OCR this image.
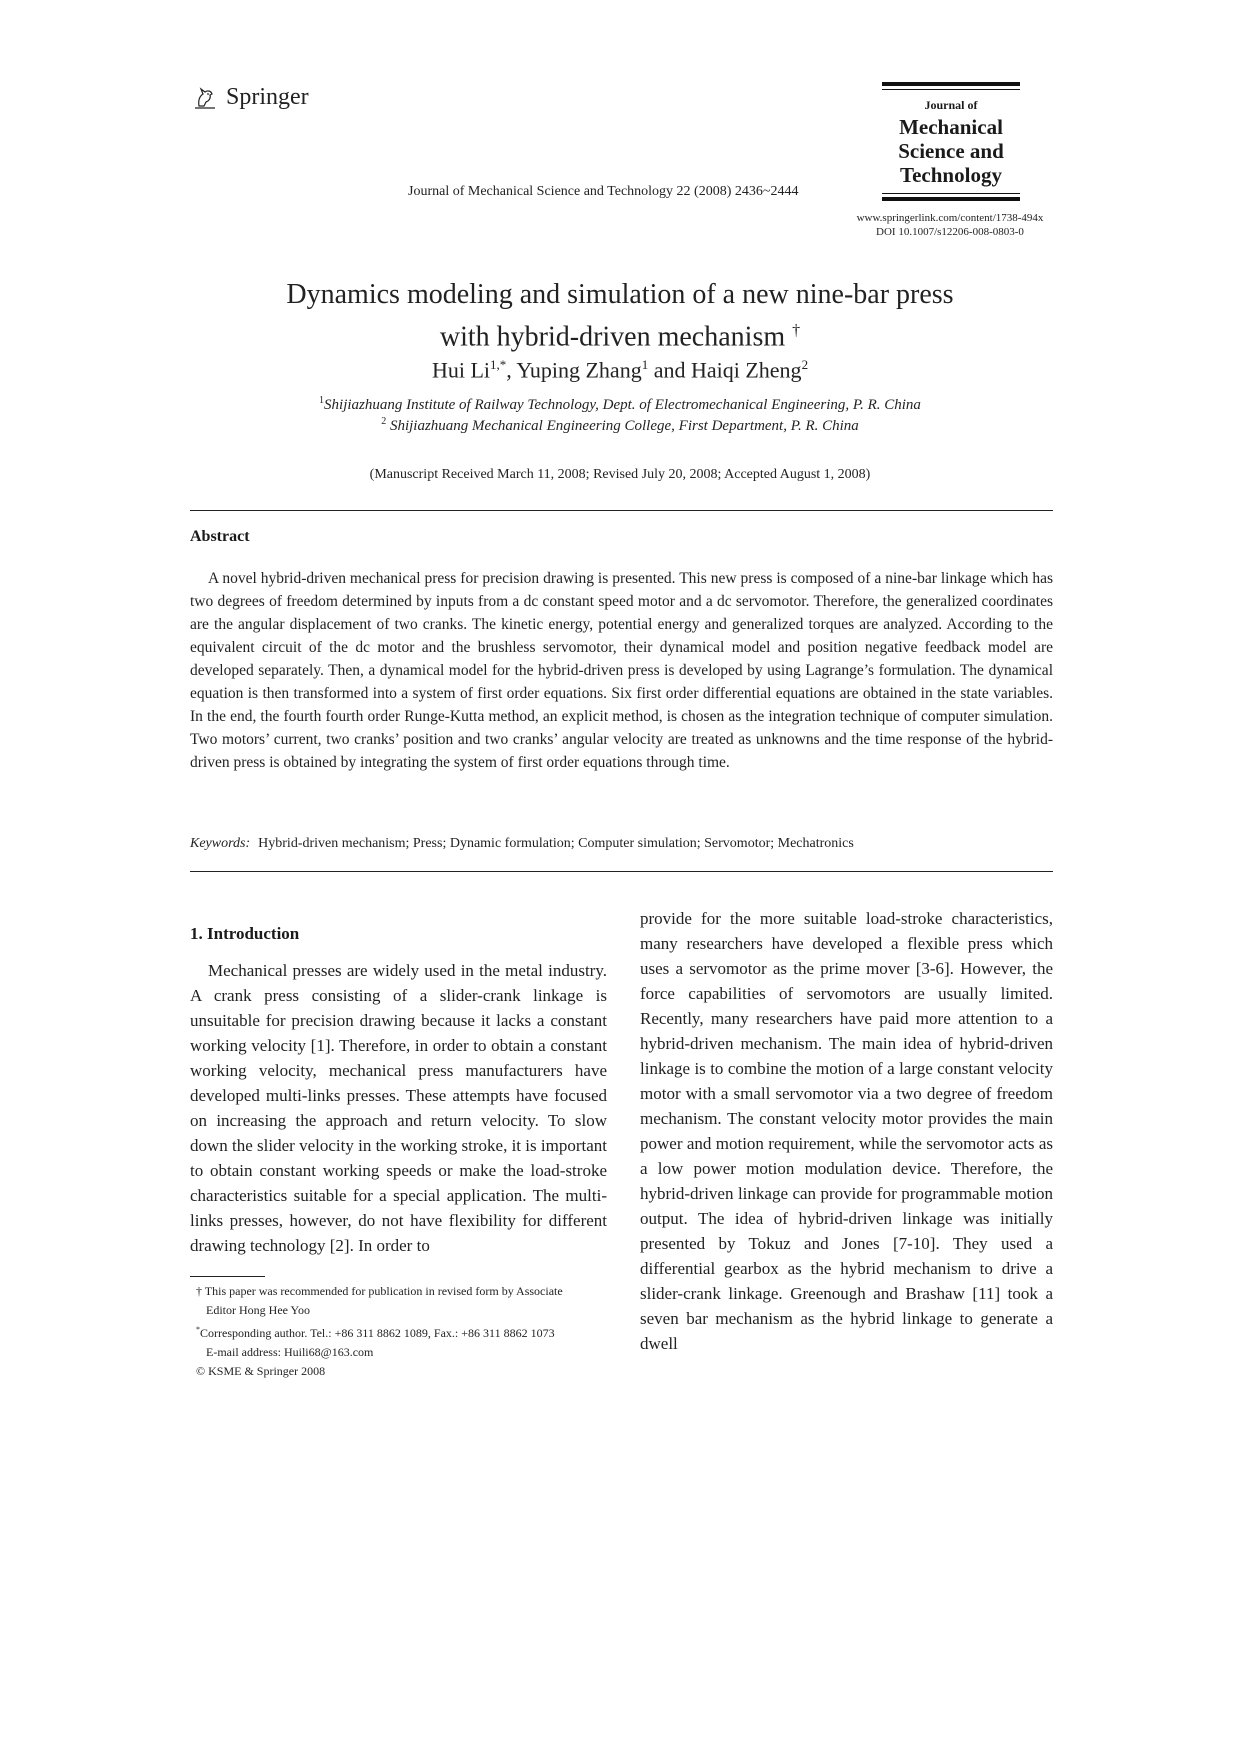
Springer
Journal of Mechanical Science and Technology 22 (2008) 2436~2444
Journal of
Mechanical
Science and
Technology
www.springerlink.com/content/1738-494x
DOI 10.1007/s12206-008-0803-0
Dynamics modeling and simulation of a new nine-bar press
with hybrid-driven mechanism †
Hui $Li^{1,*}$, Yuping Zhang$^1$ and Haiqi Zheng$^2$
$^1$Shijiazhuang Institute of Railway Technology, Dept. of Electromechanical Engineering, P. R. China
$^2$ Shijiazhuang Mechanical Engineering College, First Department, P. R. China
(Manuscript Received March 11, 2008; Revised July 20, 2008; Accepted August 1, 2008)
Abstract
A novel hybrid-driven mechanical press for precision drawing is presented. This new press is composed of a nine-bar linkage which has two degrees of freedom determined by inputs from a dc constant speed motor and a dc servomotor. Therefore, the generalized coordinates are the angular displacement of two cranks. The kinetic energy, potential energy and generalized torques are analyzed. According to the equivalent circuit of the dc motor and the brushless servomotor, their dynamical model and position negative feedback model are developed separately. Then, a dynamical model for the hybrid-driven press is developed by using Lagrange’s formulation. The dynamical equation is then transformed into a system of first order equations. Six first order differential equations are obtained in the state variables. In the end, the fourth fourth order Runge-Kutta method, an explicit method, is chosen as the integration technique of computer simulation. Two motors’ current, two cranks’ position and two cranks’ angular velocity are treated as unknowns and the time response of the hybrid-driven press is obtained by integrating the system of first order equations through time.
Keywords: Hybrid-driven mechanism; Press; Dynamic formulation; Computer simulation; Servomotor; Mechatronics
1. Introduction

Mechanical presses are widely used in the metal industry. A crank press consisting of a slider-crank linkage is unsuitable for precision drawing because it lacks a constant working velocity [1]. Therefore, in order to obtain a constant working velocity, mechanical press manufacturers have developed multi-links presses. These attempts have focused on increasing the approach and return velocity. To slow down the slider velocity in the working stroke, it is important to obtain constant working speeds or make the load-stroke characteristics suitable for a special application. The multi-links presses, however, do not have flexibility for different drawing technology [2]. In order to

provide for the more suitable load-stroke characteristics, many researchers have developed a flexible press which uses a servomotor as the prime mover [3-6]. However, the force capabilities of servomotors are usually limited. Recently, many researchers have paid more attention to a hybrid-driven mechanism. The main idea of hybrid-driven linkage is to combine the motion of a large constant velocity motor with a small servomotor via a two degree of freedom mechanism. The constant velocity motor provides the main power and motion requirement, while the servomotor acts as a low power motion modulation device. Therefore, the hybrid-driven linkage can provide for programmable motion output. The idea of hybrid-driven linkage was initially presented by Tokuz and Jones [7-10]. They used a differential gearbox as the hybrid mechanism to drive a slider-crank linkage. Greenough and Brashaw [11] took a seven bar mechanism as the hybrid linkage to generate a dwell

† This paper was recommended for publication in revised form by Associate
Editor Hong Hee Yoo
*Corresponding author. Tel.: +86 311 8862 1089, Fax.: +86 311 8862 1073
E-mail address: Huili68@163.com
© KSME & Springer 2008
